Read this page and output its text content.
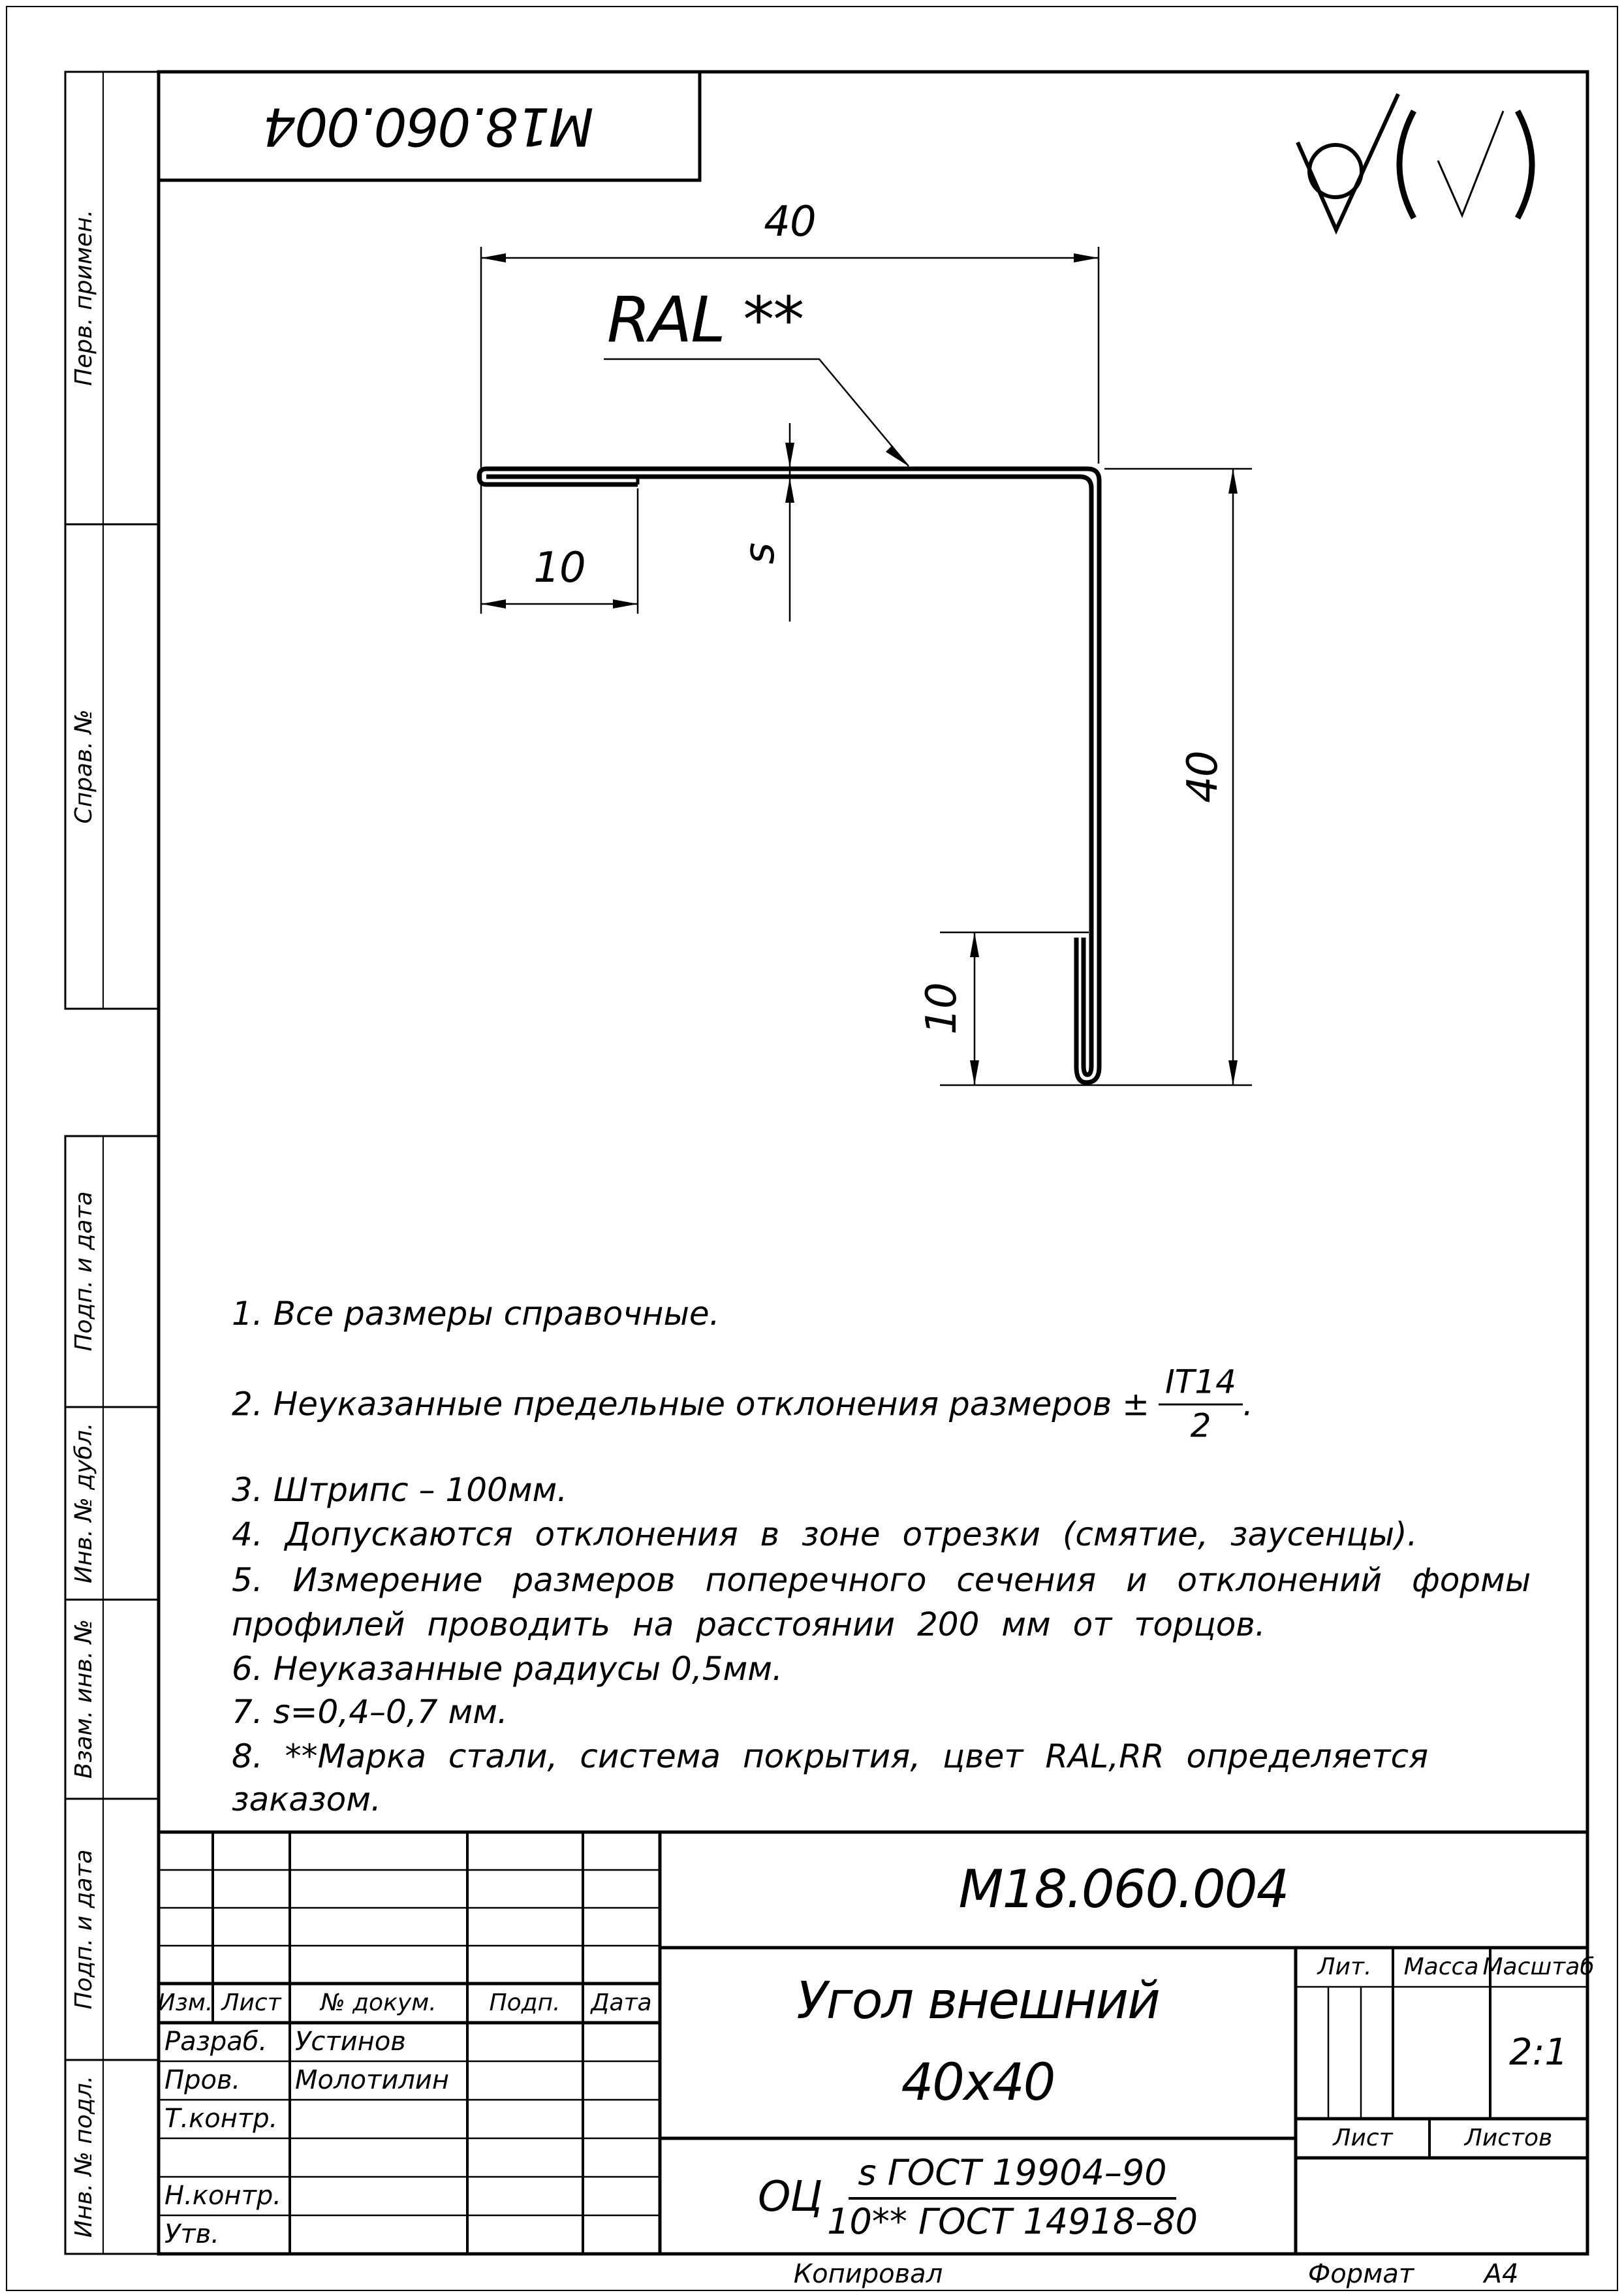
М18.060.004
Перв. примен.
Справ. №
Подп. и дата
Инв. № дубл.
Взам. инв. №
Подп. и дата
Инв. № подл.
40
10	s
40
10
RAL **
1. Все размеры справочные.
2. Неуказанные предельные отклонения размеров ± $\frac{IT14}{2}$ .
3. Штрипс – 100мм.
4. Допускаются отклонения в зоне отрезки (смятие, заусенцы).
5. Измерение размеров поперечного сечения и отклонений формы
профилей проводить на расстоянии 200 мм от торцов.
6. Неуказанные радиусы 0,5мм.
7. s=0,4–0,7 мм.
8. **Марка стали, система покрытия, цвет RAL,RR определяется
заказом.
М18.060.004
Угол внешний
40х40
ОЦ $\frac{\text{s ГОСТ 19904–90}}{\text{10** ГОСТ 14918–80}}$
Изм. Лист № докум. Подп. Дата
Разраб. Устинов
Пров. Молотилин
Т.контр.
Н.контр.
Утв.
Лит. Масса Масштаб
2:1
Лист	Листов
Копировал	Формат	А4
